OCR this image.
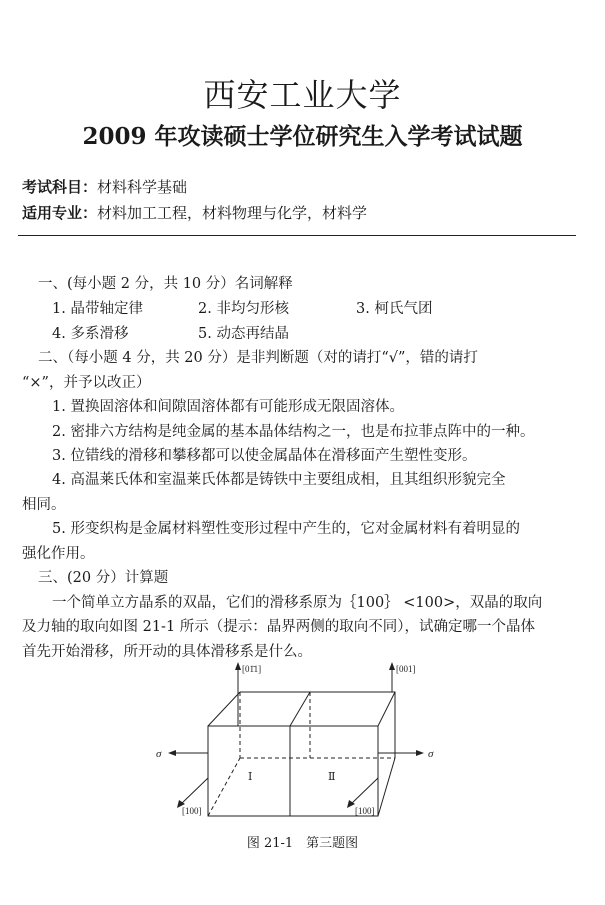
西安工业大学
2009 年攻读硕士学位研究生入学考试试题
考试科目：材料科学基础
适用专业：材料加工工程，材料物理与化学，材料学
一、(每小题 2 分，共 10 分）名词解释
1. 晶带轴定律	2. 非均匀形核	3. 柯氏气团
4. 多系滑移	5. 动态再结晶
二、（每小题 4 分，共 20 分）是非判断题（对的请打“√”，错的请打
“×”，并予以改正）
1. 置换固溶体和间隙固溶体都有可能形成无限固溶体。
2. 密排六方结构是纯金属的基本晶体结构之一，也是布拉菲点阵中的一种。
3. 位错线的滑移和攀移都可以使金属晶体在滑移面产生塑性变形。
4. 高温莱氏体和室温莱氏体都是铸铁中主要组成相，且其组织形貌完全
相同。
5. 形变织构是金属材料塑性变形过程中产生的，它对金属材料有着明显的
强化作用。
三、(20 分）计算题
一个简单立方晶系的双晶，它们的滑移系原为｛100｝ <100>，双晶的取向
及力轴的取向如图 21-1 所示（提示：晶界两侧的取向不同），试确定哪一个晶体
首先开始滑移，所开动的具体滑移系是什么。
[01̄1]	[001]
[100]	[100]
σ	σ
Ⅰ	Ⅱ
图 21-1　第三题图
